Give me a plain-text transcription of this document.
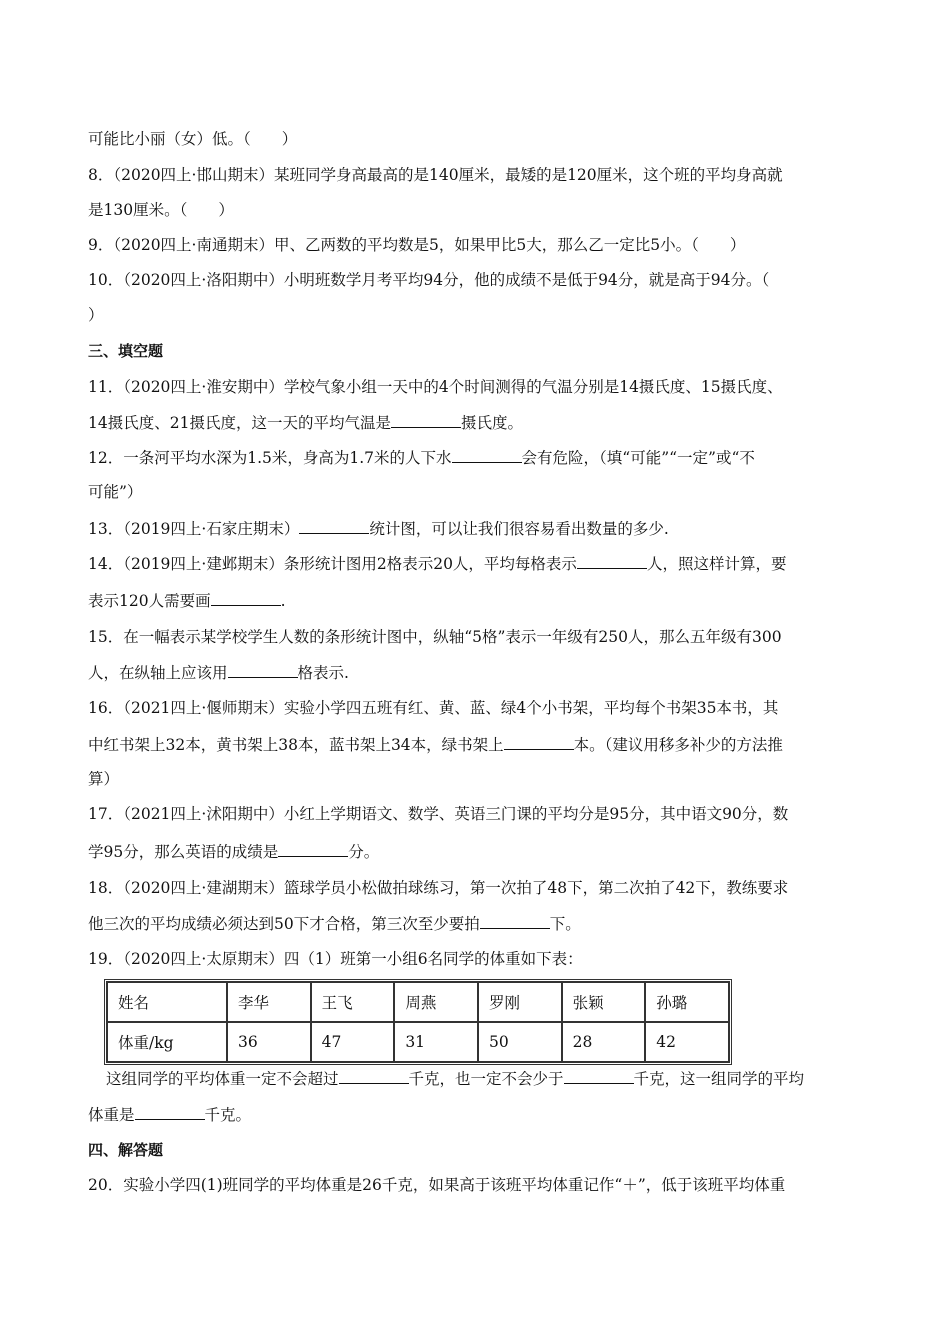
可能比小丽（女）低。（　　）
8．（2020四上·邯山期末）某班同学身高最高的是140厘米，最矮的是120厘米，这个班的平均身高就
是130厘米。（　　）
9．（2020四上·南通期末）甲、乙两数的平均数是5，如果甲比5大，那么乙一定比5小。（　　）
10．（2020四上·洛阳期中）小明班数学月考平均94分，他的成绩不是低于94分，就是高于94分。（
）
三、填空题
11．（2020四上·淮安期中）学校气象小组一天中的4个时间测得的气温分别是14摄氏度、15摄氏度、
14摄氏度、21摄氏度，这一天的平均气温是	摄氏度。
12．一条河平均水深为1.5米，身高为1.7米的人下水	会有危险，（填“可能”“一定”或“不
可能”）
13．（2019四上·石家庄期末）	统计图，可以让我们很容易看出数量的多少.
14．（2019四上·建邺期末）条形统计图用2格表示20人，平均每格表示	人，照这样计算，要
表示120人需要画	.
15．在一幅表示某学校学生人数的条形统计图中，纵轴“5格”表示一年级有250人，那么五年级有300
人，在纵轴上应该用	格表示.
16．（2021四上·偃师期末）实验小学四五班有红、黄、蓝、绿4个小书架，平均每个书架35本书，其
中红书架上32本，黄书架上38本，蓝书架上34本，绿书架上	本。（建议用移多补少的方法推
算）
17．（2021四上·沭阳期中）小红上学期语文、数学、英语三门课的平均分是95分，其中语文90分，数
学95分，那么英语的成绩是	分。
18．（2020四上·建湖期末）篮球学员小松做拍球练习，第一次拍了48下，第二次拍了42下，教练要求
他三次的平均成绩必须达到50下才合格，第三次至少要拍	下。
19．（2020四上·太原期末）四（1）班第一小组6名同学的体重如下表：
姓名	李华	王飞	周燕	罗刚	张颖	孙璐
体重/kg	36	47	31	50	28	42
这组同学的平均体重一定不会超过	千克，也一定不会少于	千克，这一组同学的平均
体重是	千克。
四、解答题
20．实验小学四(1)班同学的平均体重是26千克，如果高于该班平均体重记作“＋”，低于该班平均体重
